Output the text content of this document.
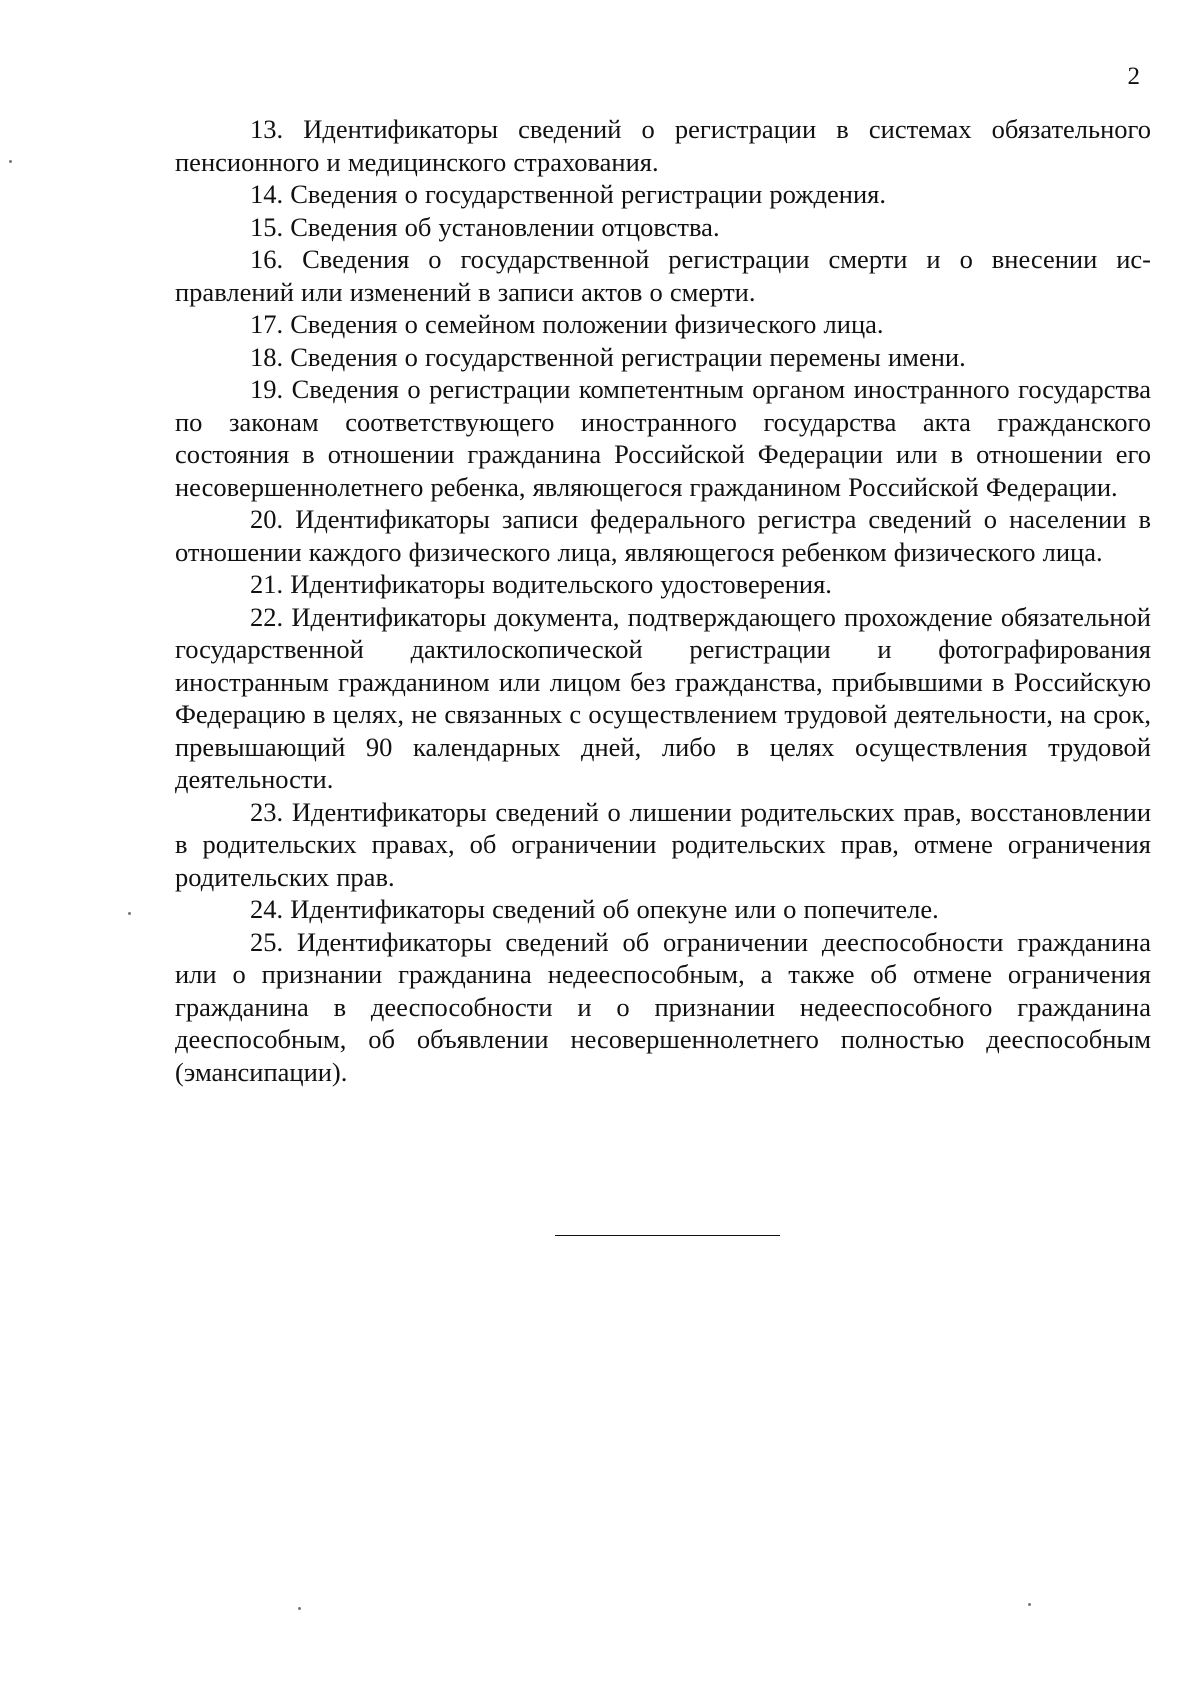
2

13. Идентификаторы сведений о регистрации в системах обязательного пенсионного и медицинского страхования.

14. Сведения о государственной регистрации рождения.

15. Сведения об установлении отцовства.

16. Сведения о государственной регистрации смерти и о внесении исправлений или изменений в записи актов о смерти.

17. Сведения о семейном положении физического лица.

18. Сведения о государственной регистрации перемены имени.

19. Сведения о регистрации компетентным органом иностранного государства по законам соответствующего иностранного государства акта гражданского состояния в отношении гражданина Российской Федерации или в отношении его несовершеннолетнего ребенка, являющегося гражданином Российской Федерации.

20. Идентификаторы записи федерального регистра сведений о населении в отношении каждого физического лица, являющегося ребенком физического лица.

21. Идентификаторы водительского удостоверения.

22. Идентификаторы документа, подтверждающего прохождение обязательной государственной дактилоскопической регистрации и фотографирования иностранным гражданином или лицом без гражданства, прибывшими в Российскую Федерацию в целях, не связанных с осуществлением трудовой деятельности, на срок, превышающий 90 календарных дней, либо в целях осуществления трудовой деятельности.

23. Идентификаторы сведений о лишении родительских прав, восстановлении в родительских правах, об ограничении родительских прав, отмене ограничения родительских прав.

24. Идентификаторы сведений об опекуне или о попечителе.

25. Идентификаторы сведений об ограничении дееспособности гражданина или о признании гражданина недееспособным, а также об отмене ограничения гражданина в дееспособности и о признании недееспособного гражданина дееспособным, об объявлении несовершеннолетнего полностью дееспособным (эмансипации).
